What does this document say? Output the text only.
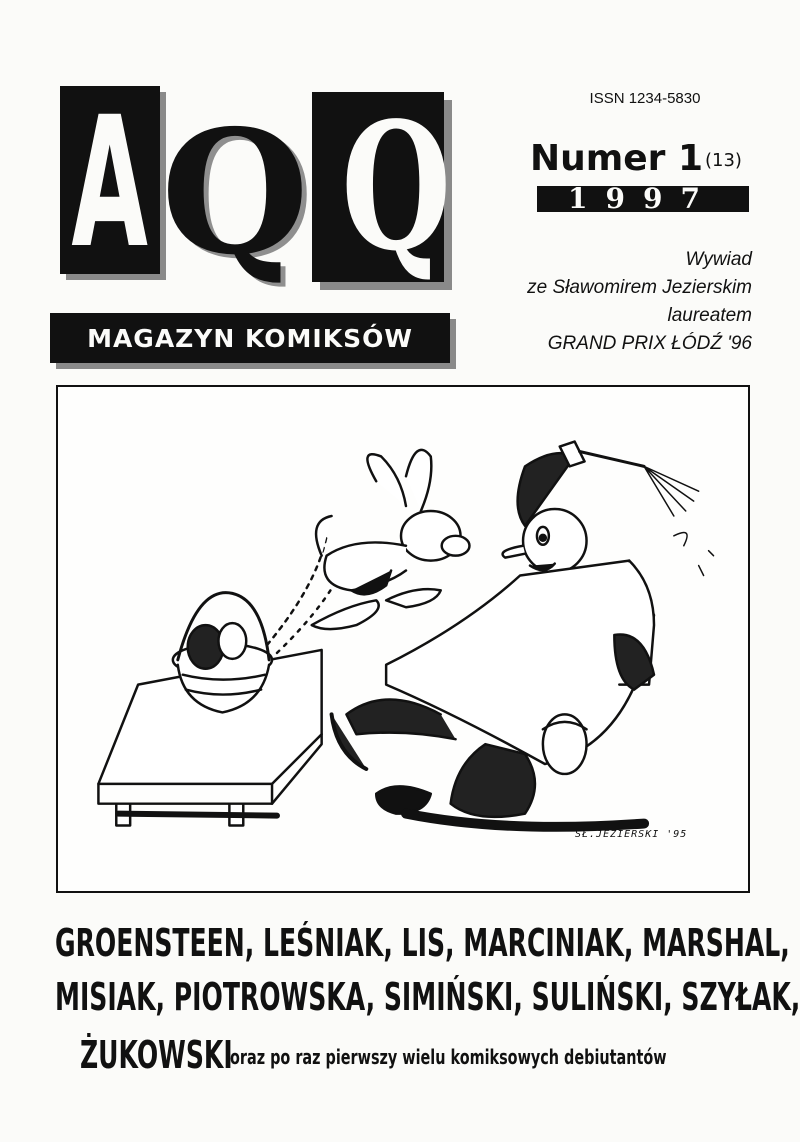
A Q Q
MAGAZYN KOMIKSÓW
ISSN 1234-5830
Numer 1 (13)
1997
Wywiad
ze Sławomirem Jezierskim
laureatem
GRAND PRIX ŁÓDŹ '96
SŁ.JEZIERSKI '95
GROENSTEEN, LEŚNIAK, LIS, MARCINIAK, MARSHAL,
MISIAK, PIOTROWSKA, SIMIŃSKI, SULIŃSKI, SZYŁAK,
ŻUKOWSKI
oraz po raz pierwszy wielu komiksowych debiutantów
